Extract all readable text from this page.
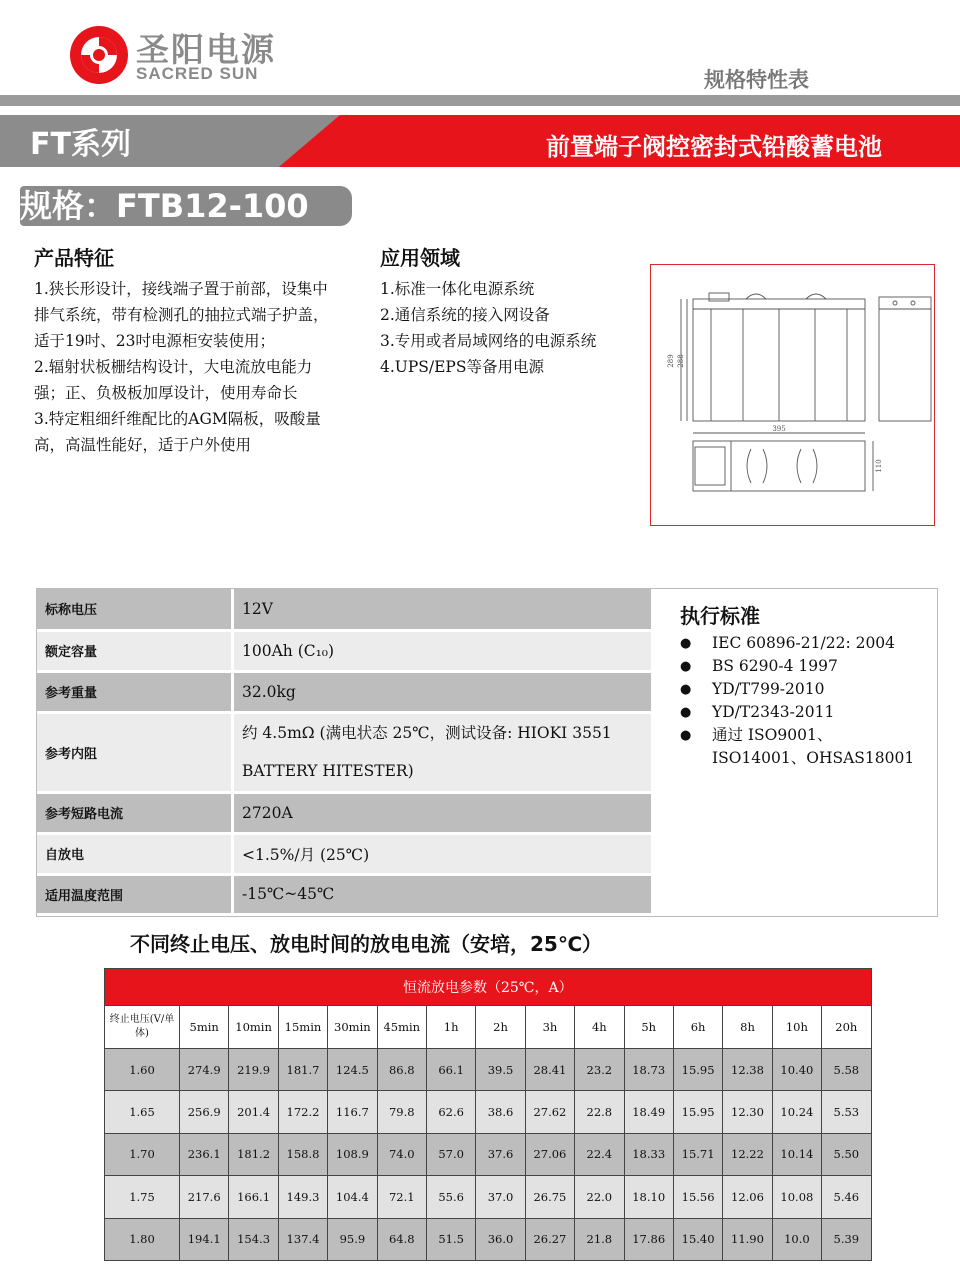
圣阳电源
SACRED SUN	规格特性表
FT系列	前置端子阀控密封式铅酸蓄电池
规格：FTB12-100
产品特征

1.狭长形设计，接线端子置于前部，设集中排气系统，带有检测孔的抽拉式端子护盖，适于19吋、23吋电源柜安装使用；

2.辐射状板栅结构设计，大电流放电能力强；正、负极板加厚设计，使用寿命长

3.特定粗细纤维配比的AGM隔板，吸酸量高，高温性能好，适于户外使用

应用领域

1.标准一体化电源系统

2.通信系统的接入网设备

3.专用或者局域网络的电源系统

4.UPS/EPS等备用电源

395
289 288
110
标称电压	12V
额定容量	100Ah (C₁₀)
参考重量	32.0kg
参考内阻	约 4.5mΩ (满电状态 25℃，测试设备: HIOKI 3551 BATTERY HITESTER)
参考短路电流	2720A
自放电	<1.5%/月 (25℃)
适用温度范围	-15℃~45℃
执行标准
● IEC 60896-21/22: 2004
● BS 6290-4 1997
● YD/T799-2010
● YD/T2343-2011
● 通过 ISO9001、ISO14001、OHSAS18001
不同终止电压、放电时间的放电电流（安培，25℃）
恒流放电参数（25℃，A）														
终止电压(V/单体)	5min	10min	15min	30min	45min	1h	2h	3h	4h	5h	6h	8h	10h	20h
1.60	274.9	219.9	181.7	124.5	86.8	66.1	39.5	28.41	23.2	18.73	15.95	12.38	10.40	5.58
1.65	256.9	201.4	172.2	116.7	79.8	62.6	38.6	27.62	22.8	18.49	15.95	12.30	10.24	5.53
1.70	236.1	181.2	158.8	108.9	74.0	57.0	37.6	27.06	22.4	18.33	15.71	12.22	10.14	5.50
1.75	217.6	166.1	149.3	104.4	72.1	55.6	37.0	26.75	22.0	18.10	15.56	12.06	10.08	5.46
1.80	194.1	154.3	137.4	95.9	64.8	51.5	36.0	26.27	21.8	17.86	15.40	11.90	10.0	5.39
